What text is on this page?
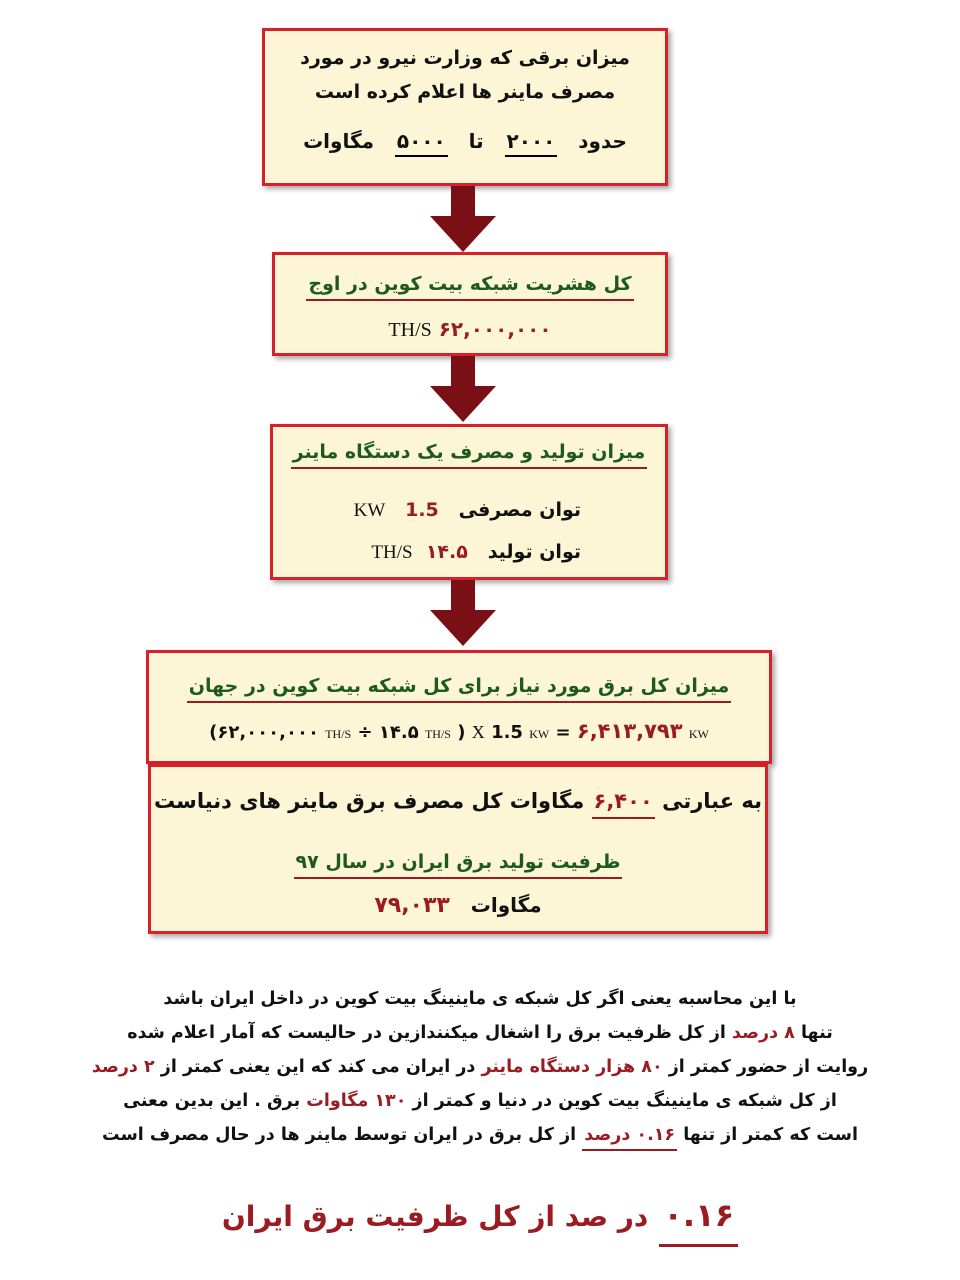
میزان برقی که وزارت نیرو در مورد
مصرف ماینر ها اعلام کرده است
حدود   ۲۰۰۰   تا   ۵۰۰۰   مگاوات
کل هشریت شبکه بیت کوین در اوج
TH/S ۶۲,۰۰۰,۰۰۰
میزان تولید و مصرف یک دستگاه ماینر
توان مصرفی   KW 1.5
توان تولید   TH/S ۱۴.۵
میزان کل برق مورد نیاز برای کل شبکه بیت کوین در جهان
(۶۲,۰۰۰,۰۰۰ TH/S ÷ ۱۴.۵ TH/S ) X 1.5 KW = ۶,۴۱۳,۷۹۳ KW
به عبارتی ۶,۴۰۰ مگاوات کل مصرف برق ماینر های دنیاست
ظرفیت تولید برق ایران در سال ۹۷
مگاوات   ۷۹,۰۳۳

با این محاسبه یعنی اگر کل شبکه ی ماینینگ بیت کوین در داخل ایران باشد

تنها ۸ درصد از کل ظرفیت برق را اشغال میکنندازین در حالیست که آمار اعلام شده

روایت از حضور کمتر از ۸۰ هزار دستگاه ماینر در ایران می کند که این یعنی کمتر از ۲ درصد

از کل شبکه ی ماینینگ بیت کوین در دنیا و کمتر از ۱۳۰ مگاوات برق . این بدین معنی

است که کمتر از تنها ۰.۱۶ درصد از کل برق در ایران توسط ماینر ها در حال مصرف است

۰.۱۶  در صد از کل ظرفیت برق ایران
